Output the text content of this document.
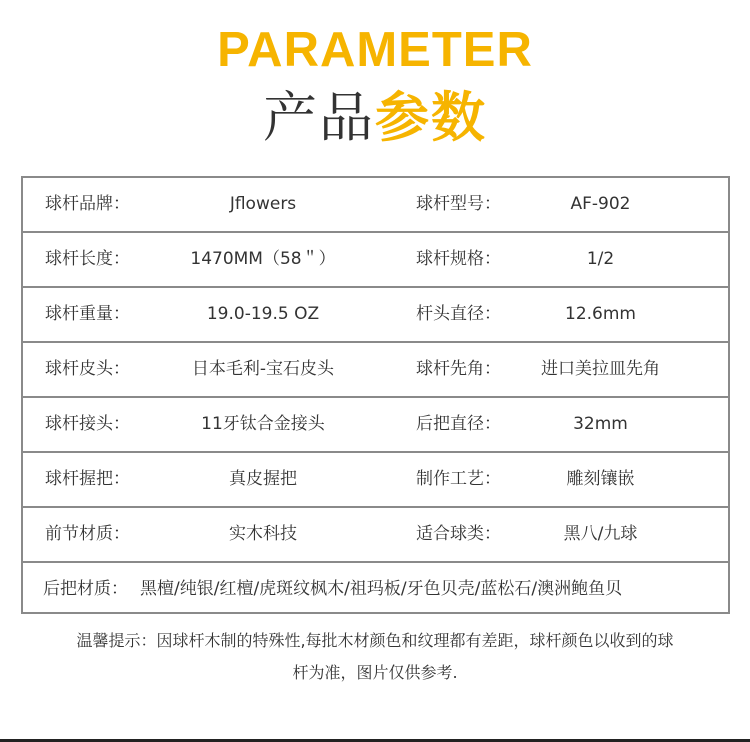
PARAMETER
产品参数
球杆品牌：	Jflowers	球杆型号：	AF-902
球杆长度：	1470MM（58＂）	球杆规格：	1/2
球杆重量：	19.0-19.5 OZ	杆头直径：	12.6mm
球杆皮头：	日本毛利-宝石皮头	球杆先角：	进口美拉皿先角
球杆接头：	11牙钛合金接头	后把直径：	32mm
球杆握把：	真皮握把	制作工艺：	雕刻镶嵌
前节材质：	实木科技	适合球类：	黑八/九球
后把材质： 黑檀/纯银/红檀/虎斑纹枫木/祖玛板/牙色贝壳/蓝松石/澳洲鲍鱼贝
温馨提示：因球杆木制的特殊性,每批木材颜色和纹理都有差距，球杆颜色以收到的球
杆为准，图片仅供参考.
